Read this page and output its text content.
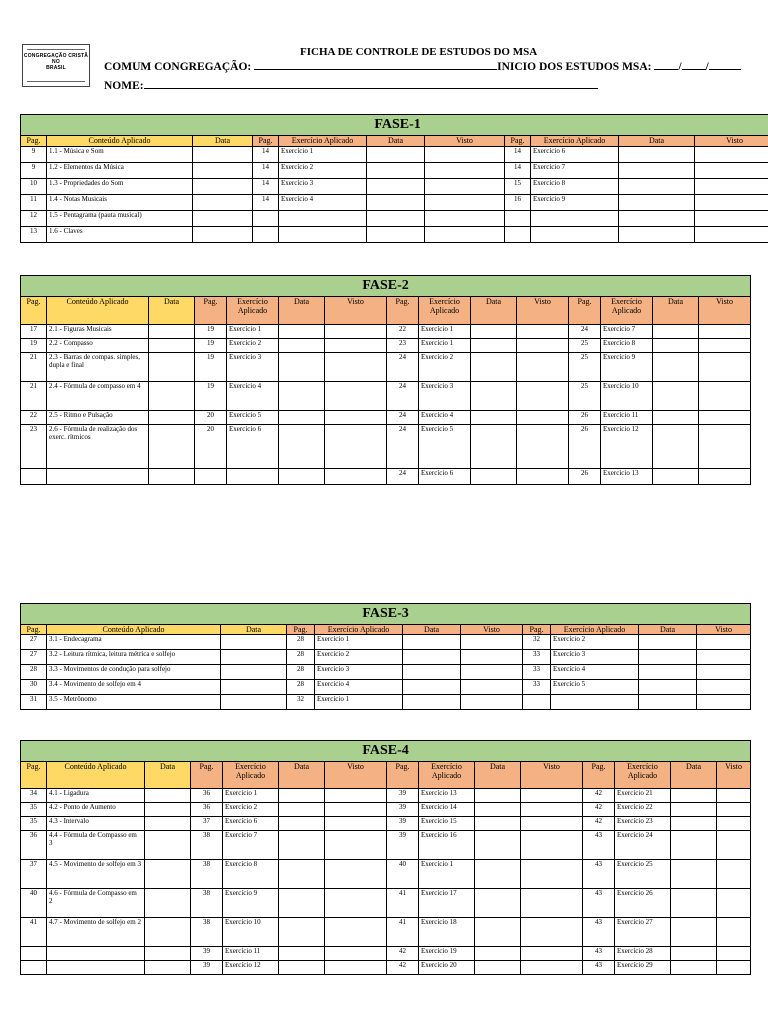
CONGREGAÇÃO CRISTÃ
NO
BRASIL
FICHA DE CONTROLE DE ESTUDOS DO MSA
COMUM CONGREGAÇÃO:	INICIO DOS ESTUDOS MSA: / /
NOME:
FASE-1										
Pag.	Conteúdo Aplicado	Data	Pag.	Exercício Aplicado	Data	Visto	Pag.	Exercício Aplicado	Data	Visto
9	1.1 - Música e Som		14	Exercício 1			14	Exercício 6		
9	1.2 - Elementos da Música		14	Exercício 2			14	Exercício 7		
10	1.3 - Propriedades do Som		14	Exercício 3			15	Exercício 8		
11	1.4 - Notas Musicais		14	Exercício 4			16	Exercício 9		
12	1.5 - Pentagrama (pauta musical)									
13	1.6 - Claves									
FASE-2														
Pag.	Conteúdo Aplicado	Data	Pag.	Exercício Aplicado	Data	Visto	Pag.	Exercício Aplicado	Data	Visto	Pag.	Exercício Aplicado	Data	Visto
17	2.1 - Figuras Musicais		19	Exercício 1			22	Exercício 1			24	Exercício 7		
19	2.2 - Compasso		19	Exercício 2			23	Exercício 1			25	Exercício 8		
21	2.3 - Barras de compas. simples, dupla e final		19	Exercício 3			24	Exercício 2			25	Exercício 9		
21	2.4 - Fórmula de compasso em 4		19	Exercício 4			24	Exercício 3			25	Exercício 10		
22	2.5 - Ritmo e Pulsação		20	Exercício 5			24	Exercício 4			26	Exercício 11		
23	2.6 - Fórmula de realização dos exerc. rítmicos		20	Exercício 6			24	Exercício 5			26	Exercício 12		
							24	Exercício 6			26	Exercício 13		
FASE-3										
Pag.	Conteúdo Aplicado	Data	Pag.	Exercício Aplicado	Data	Visto	Pag.	Exercício Aplicado	Data	Visto
27	3.1 - Endecagrama		28	Exercício 1			32	Exercício 2		
27	3.2 - Leitura rítmica, leitura métrica e solfejo		28	Exercício 2			33	Exercício 3		
28	3.3 - Movimentos de condução para solfejo		28	Exercício 3			33	Exercício 4		
30	3.4 - Movimento de solfejo em 4		28	Exercício 4			33	Exercício 5		
31	3.5 - Metrônomo		32	Exercício 1						
FASE-4														
Pag.	Conteúdo Aplicado	Data	Pag.	Exercício Aplicado	Data	Visto	Pag.	Exercício Aplicado	Data	Visto	Pag.	Exercício Aplicado	Data	Visto
34	4.1 - Ligadura		36	Exercício 1			39	Exercício 13			42	Exercício 21		
35	4.2 - Ponto de Aumento		36	Exercício 2			39	Exercício 14			42	Exercício 22		
35	4.3 - Intervalo		37	Exercício 6			39	Exercício 15			42	Exercício 23		
36	4.4 - Fórmula de Compasso em 3		38	Exercício 7			39	Exercício 16			43	Exercício 24		
37	4.5 - Movimento de solfejo em 3		38	Exercício 8			40	Exercício 1			43	Exercício 25		
40	4.6 - Fórmula de Compasso em 2		38	Exercício 9			41	Exercício 17			43	Exercício 26		
41	4.7 - Movimento de solfejo em 2		38	Exercício 10			41	Exercício 18			43	Exercício 27		
			39	Exercício 11			42	Exercício 19			43	Exercício 28		
			39	Exercício 12			42	Exercício 20			43	Exercício 29		
